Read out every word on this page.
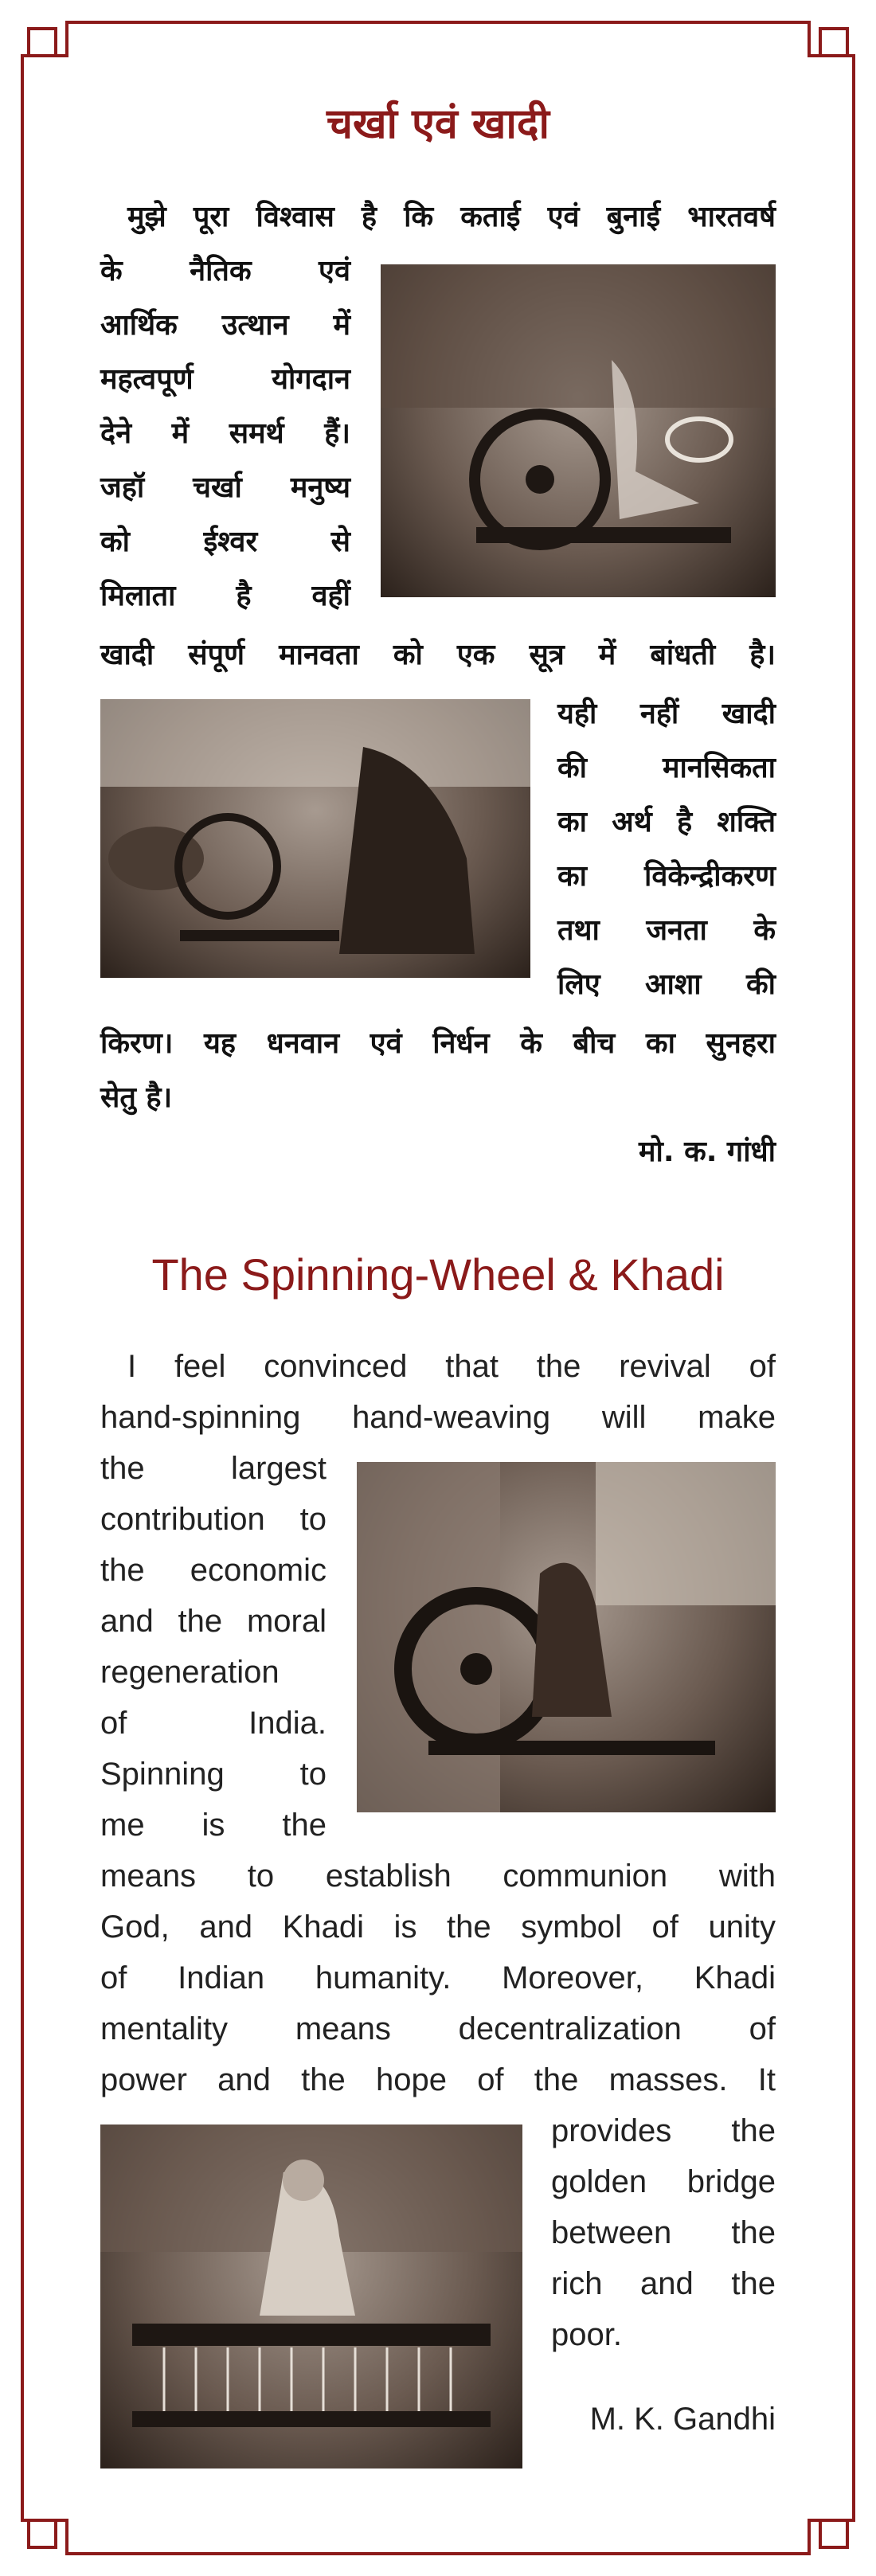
चर्खा एवं खादी
मुझे पूरा विश्वास है कि कताई एवं बुनाई भारतवर्ष
के नैतिक एवं
आर्थिक उत्थान में
महत्वपूर्ण योगदान
देने में समर्थ हैं।
जहॉ चर्खा मनुष्य
को ईश्वर से
मिलाता है वहीं
खादी संपूर्ण मानवता को एक सूत्र में बांधती है।
यही नहीं खादी
की मानसिकता
का अर्थ है शक्ति
का विकेन्द्रीकरण
तथा जनता के
लिए आशा की
किरण। यह धनवान एवं निर्धन के बीच का सुनहरा
सेतु है।
मो. क. गांधी
The Spinning-Wheel & Khadi
I feel convinced that the revival of
hand-spinning hand-weaving will make
the largest
contribution to
the economic
and the moral
regeneration
of India.
Spinning to
me is the
means to establish communion with
God, and Khadi is the symbol of unity
of Indian humanity. Moreover, Khadi
mentality means decentralization of
power and the hope of the masses. It
provides the
golden bridge
between the
rich and the
poor.
M. K. Gandhi
